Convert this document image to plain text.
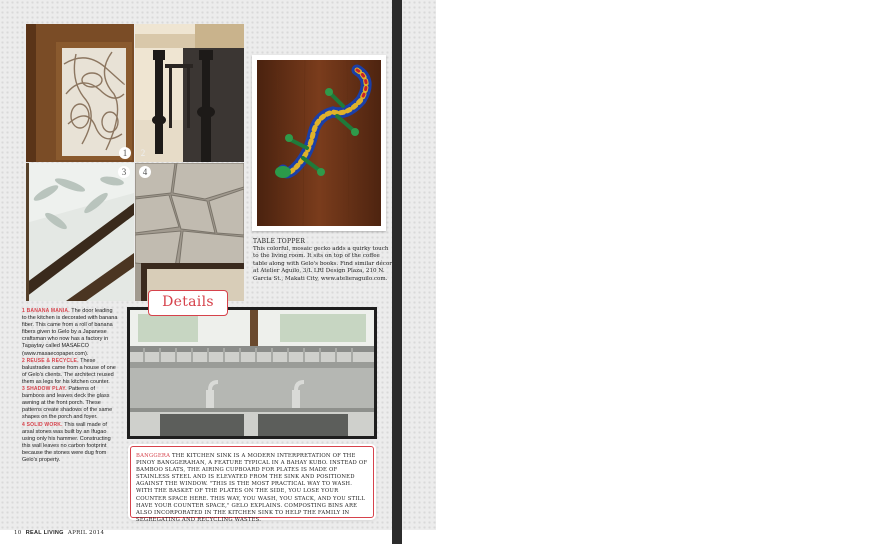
3	4
1	2
TABLE TOPPER
This colorful, mosaic gecko adds a quirky touch to the living room. It sits on top of the coffee table along with Gelo's books. Find similar décor at Atelier Aguilo, 3/L LRI Design Plaza, 210 N. Garcia St., Makati City, www.atelieraguilo.com.
1 BANANA MANIA. The door leading to the kitchen is decorated with banana fiber. This came from a roll of banana fibers given to Gelo by a Japanese craftsman who now has a factory in Tagaytay called MASAECO (www.masaecopaper.com).
2 REUSE & RECYCLE. These balustrades came from a house of one of Gelo's clients. The architect reused them as legs for his kitchen counter.
3 SHADOW PLAY. Patterns of bamboos and leaves deck the glass awning at the front porch. These patterns create shadows of the same shapes on the porch and foyer.
4 SOLID WORK. This wall made of arsal stones was built by an Ifugao using only his hammer. Constructing this wall leaves no carbon footprint because the stones were dug from Gelo's property.
Details
BANGGERA THE KITCHEN SINK IS A MODERN INTERPRETATION OF THE PINOY BANGGERAHAN, A FEATURE TYPICAL IN A BAHAY KUBO. INSTEAD OF BAMBOO SLATS, THE AIRING CUPBOARD FOR PLATES IS MADE OF STAINLESS STEEL AND IS ELEVATED FROM THE SINK AND POSITIONED AGAINST THE WINDOW. "THIS IS THE MOST PRACTICAL WAY TO WASH. WITH THE BASKET OF THE PLATES ON THE SIDE, YOU LOSE YOUR COUNTER SPACE HERE. THIS WAY, YOU WASH, YOU STACK, AND YOU STILL HAVE YOUR COUNTER SPACE," GELO EXPLAINS. COMPOSTING BINS ARE ALSO INCORPORATED IN THE KITCHEN SINK TO HELP THE FAMILY IN SEGREGATING AND RECYCLING WASTES.
10 REAL LIVING APRIL 2014
